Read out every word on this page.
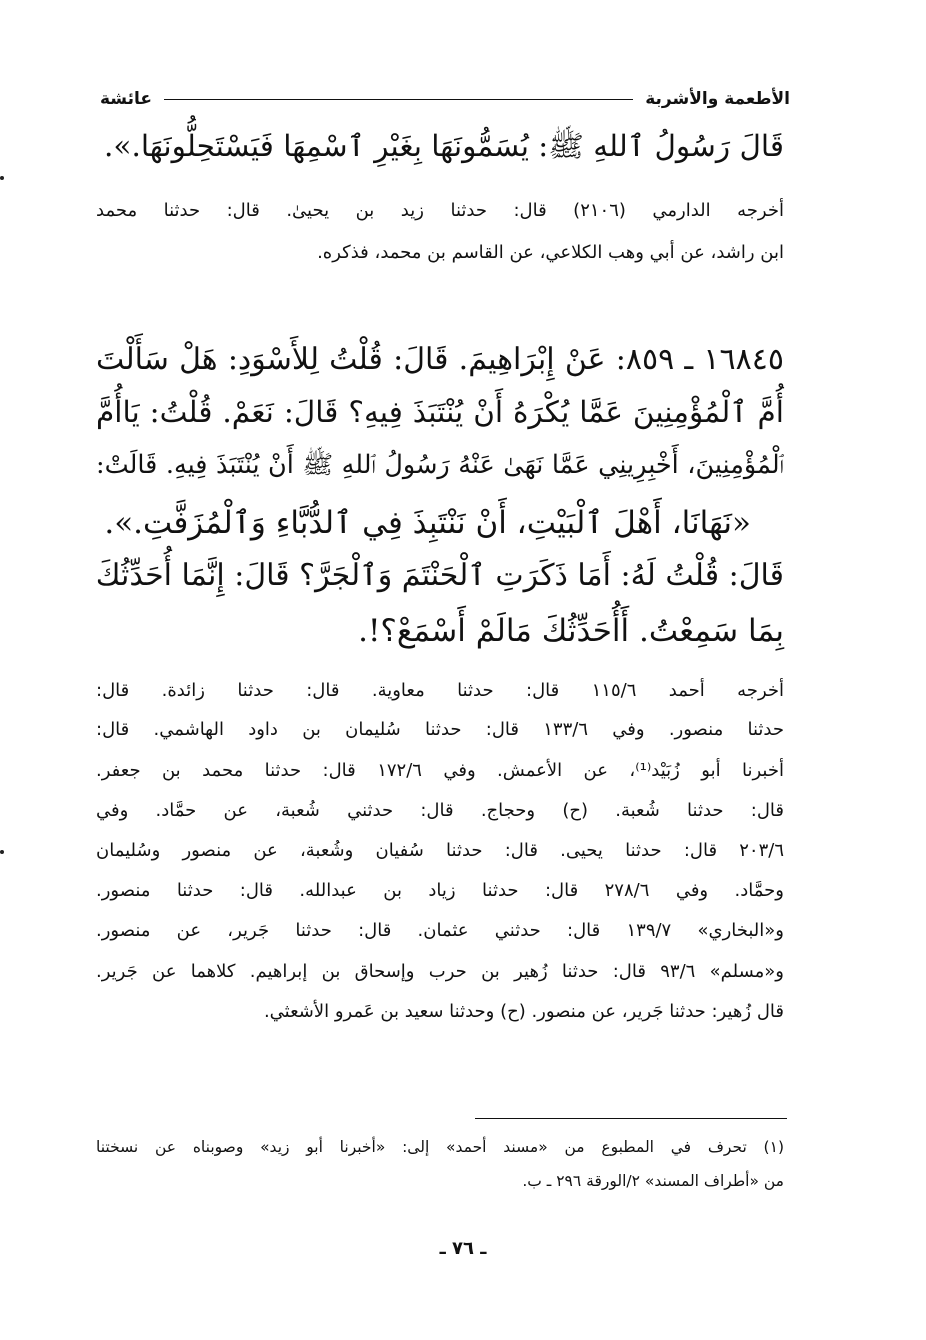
الأطعمة والأشربة
عائشة
قَالَ رَسُولُ ٱللهِ ﷺ: يُسَمُّونَهَا بِغَيْرِ ٱسْمِهَا فَيَسْتَحِلُّونَهَا.».
أخرجه الدارمي (٢١٠٦) قال: حدثنا زيد بن يحيىٰ. قال: حدثنا محمد
ابن راشد، عن أبي وهب الكلاعي، عن القاسم بن محمد، فذكره.
١٦٨٤٥ ـ ٨٥٩: عَنْ إِبْرَاهِيمَ. قَالَ: قُلْتُ لِلأَسْوَدِ: هَلْ سَأَلْتَ
أُمَّ ٱلْمُؤْمِنِينَ عَمَّا يُكْرَهُ أَنْ يُنْتَبَذَ فِيهِ؟ قَالَ: نَعَمْ. قُلْتُ: يَاأُمَّ
ٱلْمُؤْمِنِينَ، أَخْبِرِينِي عَمَّا نَهَىٰ عَنْهُ رَسُولُ ٱللهِ ﷺ أَنْ يُنْتَبَذَ فِيهِ. قَالَتْ:
«نَهَانَا، أَهْلَ ٱلْبَيْتِ، أَنْ نَنْتَبِذَ فِي ٱلدُّبَّاءِ وَٱلْمُزَفَّتِ.».
قَالَ: قُلْتُ لَهُ: أَمَا ذَكَرَتِ ٱلْحَنْتَمَ وَٱلْجَرَّ؟ قَالَ: إِنَّمَا أُحَدِّثُكَ
بِمَا سَمِعْتُ. أَأُحَدِّثُكَ مَالَمْ أَسْمَعْ؟!.
أخرجه أحمد ١١٥/٦ قال: حدثنا معاوية. قال: حدثنا زائدة. قال:
حدثنا منصور. وفي ١٣٣/٦ قال: حدثنا سُليمان بن داود الهاشمي. قال:
أخبرنا أبو زُبَيْد⁽¹⁾، عن الأعمش. وفي ١٧٢/٦ قال: حدثنا محمد بن جعفر.
قال: حدثنا شُعبة. (ح) وحجاج. قال: حدثني شُعبة، عن حمَّاد. وفي
٢٠٣/٦ قال: حدثنا يحيى. قال: حدثنا سُفيان وشُعبة، عن منصور وسُليمان
وحمَّاد. وفي ٢٧٨/٦ قال: حدثنا زياد بن عبدالله. قال: حدثنا منصور.
و«البخاري» ١٣٩/٧ قال: حدثني عثمان. قال: حدثنا جَرير، عن منصور.
و«مسلم» ٩٣/٦ قال: حدثنا زُهير بن حرب وإسحاق بن إبراهيم. كلاهما عن جَرير.
قال زُهير: حدثنا جَرير، عن منصور. (ح) وحدثنا سعيد بن عَمرو الأشعثي.
(١) تحرف في المطبوع من «مسند أحمد» إلى: «أخبرنا أبو زيد» وصوبناه عن نسختنا
من «أطراف المسند» ٢/الورقة ٢٩٦ ـ ب.
ـ ٧٦ ـ
